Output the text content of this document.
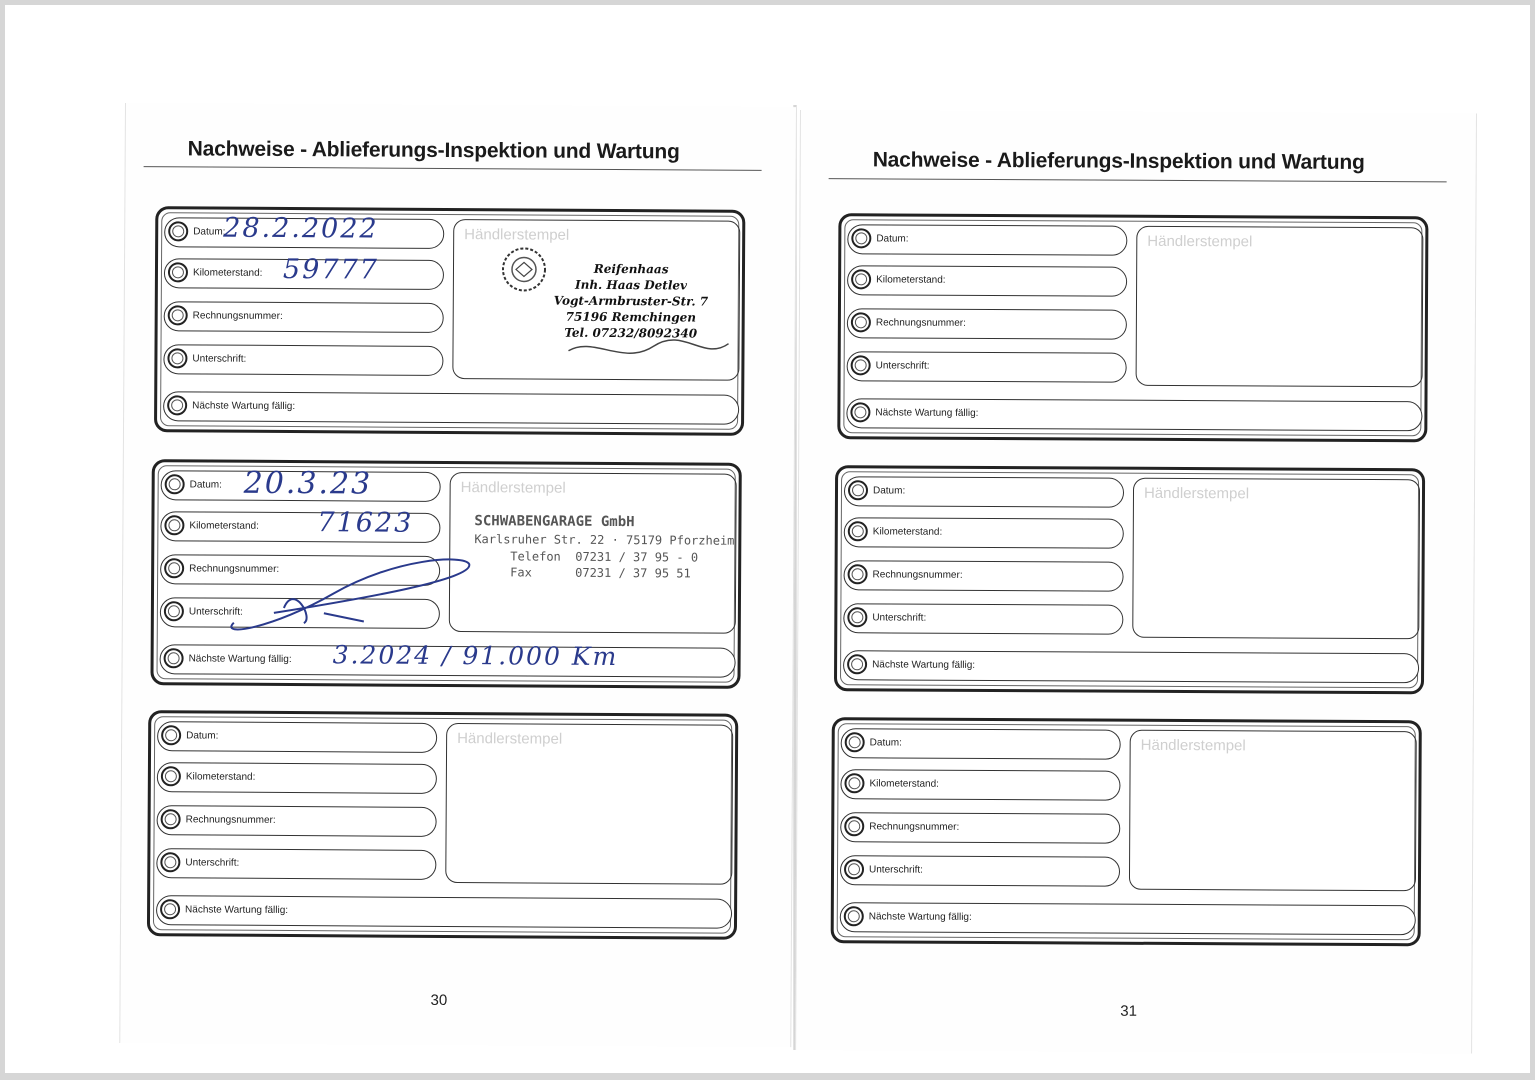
Nachweise - Ablieferungs-Inspektion und Wartung
Datum:
28.2.2022
Kilometerstand: 59777
Rechnungsnummer:
Unterschrift:
Nächste Wartung fällig:
Händlerstempel
Reifenhaas
Inh. Haas Detlev
Vogt-Armbruster-Str. 7
75196 Remchingen
Tel. 07232/8092340
Datum: 20.3.23
Kilometerstand: 71623
Rechnungsnummer:
Unterschrift:
Nächste Wartung fällig: 3.2024 / 91.000 Km
Händlerstempel
SCHWABENGARAGE GmbH
Karlsruher Str. 22 · 75179 Pforzheim
Telefon  07231 / 37 95 - 0
Fax      07231 / 37 95 51
Datum:
Kilometerstand:
Rechnungsnummer:
Unterschrift:
Nächste Wartung fällig:
Händlerstempel
30
Nachweise - Ablieferungs-Inspektion und Wartung
Datum:
Kilometerstand:
Rechnungsnummer:
Unterschrift:
Nächste Wartung fällig:
Händlerstempel
Datum:
Kilometerstand:
Rechnungsnummer:
Unterschrift:
Nächste Wartung fällig:
Händlerstempel
Datum:
Kilometerstand:
Rechnungsnummer:
Unterschrift:
Nächste Wartung fällig:
Händlerstempel
31
